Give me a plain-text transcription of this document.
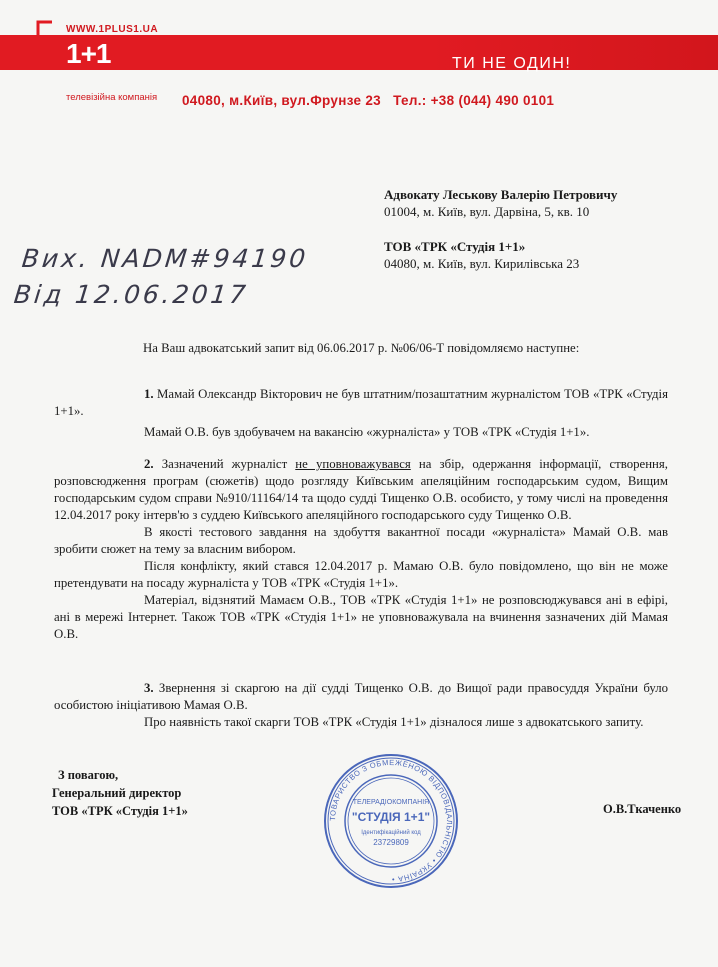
WWW.1PLUS1.UA
1+1	ТИ НЕ ОДИН!
телевізійна компанія 04080, м.Київ, вул.Фрунзе 23   Тел.: +38 (044) 490 0101
Адвокату Леськову Валерію Петровичу
01004, м. Київ, вул. Дарвіна, 5, кв. 10
ТОВ «ТРК «Студія 1+1»
04080, м. Київ, вул. Кирилівська 23
Вих. NADM#94190
Від 12.06.2017
На Ваш адвокатський запит від 06.06.2017 р. №06/06-Т повідомляємо наступне:
1. Мамай Олександр Вікторович не був штатним/позаштатним журналістом ТОВ «ТРК «Студія 1+1».
Мамай О.В. був здобувачем на вакансію «журналіста» у ТОВ «ТРК «Студія 1+1».
2. Зазначений журналіст не уповноважувався на збір, одержання інформації, створення, розповсюдження програм (сюжетів) щодо розгляду Київським апеляційним господарським судом, Вищим господарським судом справи №910/11164/14 та щодо судді Тищенко О.В. особисто, у тому числі на проведення 12.04.2017 року інтерв'ю з суддею Київського апеляційного господарського суду Тищенко О.В.
В якості тестового завдання на здобуття вакантної посади «журналіста» Мамай О.В. мав зробити сюжет на тему за власним вибором.
Після конфлікту, який стався 12.04.2017 р. Мамаю О.В. було повідомлено, що він не може претендувати на посаду журналіста у ТОВ «ТРК «Студія 1+1».
Матеріал, відзнятий Мамаєм О.В., ТОВ «ТРК «Студія 1+1» не розповсюджувався ані в ефірі, ані в мережі Інтернет. Також ТОВ «ТРК «Студія 1+1» не уповноважувала на вчинення зазначених дій Мамая О.В.
3. Звернення зі скаргою на дії судді Тищенко О.В. до Вищої ради правосуддя України було особистою ініціативою Мамая О.В.
Про наявність такої скарги ТОВ «ТРК «Студія 1+1» дізналося лише з адвокатського запиту.
З повагою,
Генеральний директор
ТОВ «ТРК «Студія 1+1»	О.В.Ткаченко
ТОВАРИСТВО З ОБМЕЖЕНОЮ ВІДПОВІДАЛЬНІСТЮ • УКРАЇНА •
ТЕЛЕРАДІОКОМПАНІЯ
"СТУДІЯ 1+1"
Ідентифікаційний код
23729809
